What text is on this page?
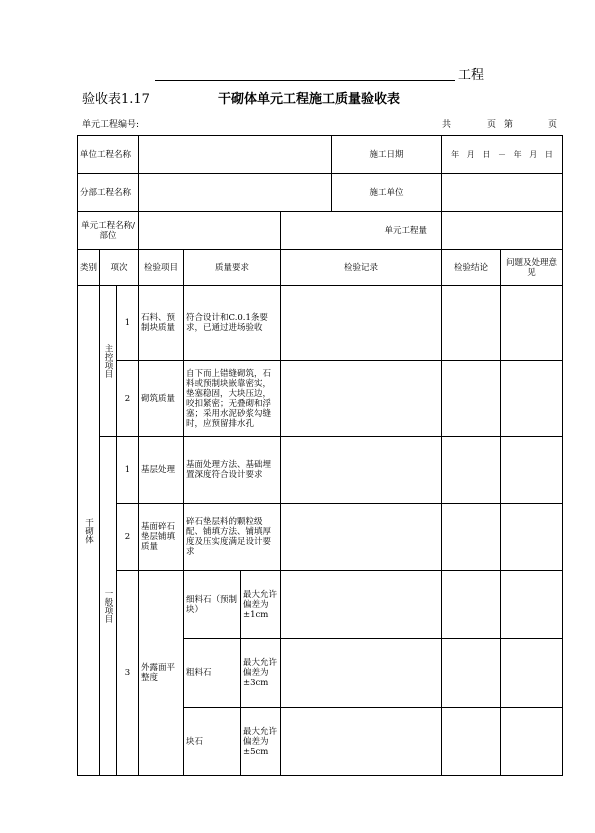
工程
验收表1.17	干砌体单元工程施工质量验收表
单元工程编号:	共	页 第	页
单位工程名称							施工日期	年   月   日   －   年   月   日	
分部工程名称							施工单位		
单元工程名称/部位						单元工程量			
类别	项次		检验项目	质量要求		检验记录		检验结论	问题及处理意见

干砌体	主控项目	1	石料、预制块质量	符合设计和C.0.1条要求，已通过进场验收					
		2	砌筑质量	自下而上错缝砌筑，石料或预制块嵌靠密实，垫塞稳固，大块压边，咬扣紧密；无叠砌和浮塞；采用水泥砂浆勾缝时，应预留排水孔					

	一般项目	1	基层处理	基面处理方法、基础埋置深度符合设计要求					
		2	基面碎石垫层铺填质量	碎石垫层料的颗粒级配、铺填方法、铺填厚度及压实度满足设计要求					
		3	外露面平整度	细料石（预制块）	最大允许偏差为±1cm				
				粗料石	最大允许偏差为±3cm				
				块石	最大允许偏差为±5cm				
